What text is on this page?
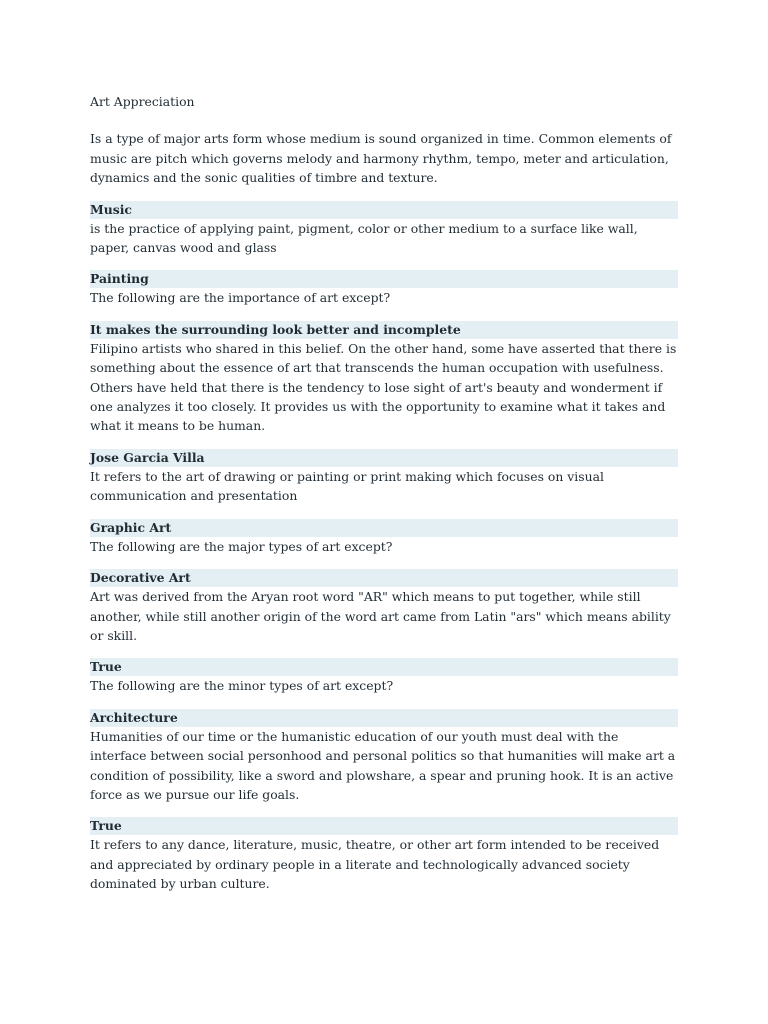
Art Appreciation

Is a type of major arts form whose medium is sound organized in time. Common elements of music are pitch which governs melody and harmony rhythm, tempo, meter and articulation, dynamics and the sonic qualities of timbre and texture.

Music

is the practice of applying paint, pigment, color or other medium to a surface like wall, paper, canvas wood and glass

Painting

The following are the importance of art except?

It makes the surrounding look better and incomplete

Filipino artists who shared in this belief. On the other hand, some have asserted that there is something about the essence of art that transcends the human occupation with usefulness. Others have held that there is the tendency to lose sight of art's beauty and wonderment if one analyzes it too closely. It provides us with the opportunity to examine what it takes and what it means to be human.

Jose Garcia Villa

It refers to the art of drawing or painting or print making which focuses on visual communication and presentation

Graphic Art

The following are the major types of art except?

Decorative Art

Art was derived from the Aryan root word "AR" which means to put together, while still another, while still another origin of the word art came from Latin "ars" which means ability or skill.

True

The following are the minor types of art except?

Architecture

Humanities of our time or the humanistic education of our youth must deal with the interface between social personhood and personal politics so that humanities will make art a condition of possibility, like a sword and plowshare, a spear and pruning hook. It is an active force as we pursue our life goals.

True

It refers to any dance, literature, music, theatre, or other art form intended to be received and appreciated by ordinary people in a literate and technologically advanced society dominated by urban culture.
